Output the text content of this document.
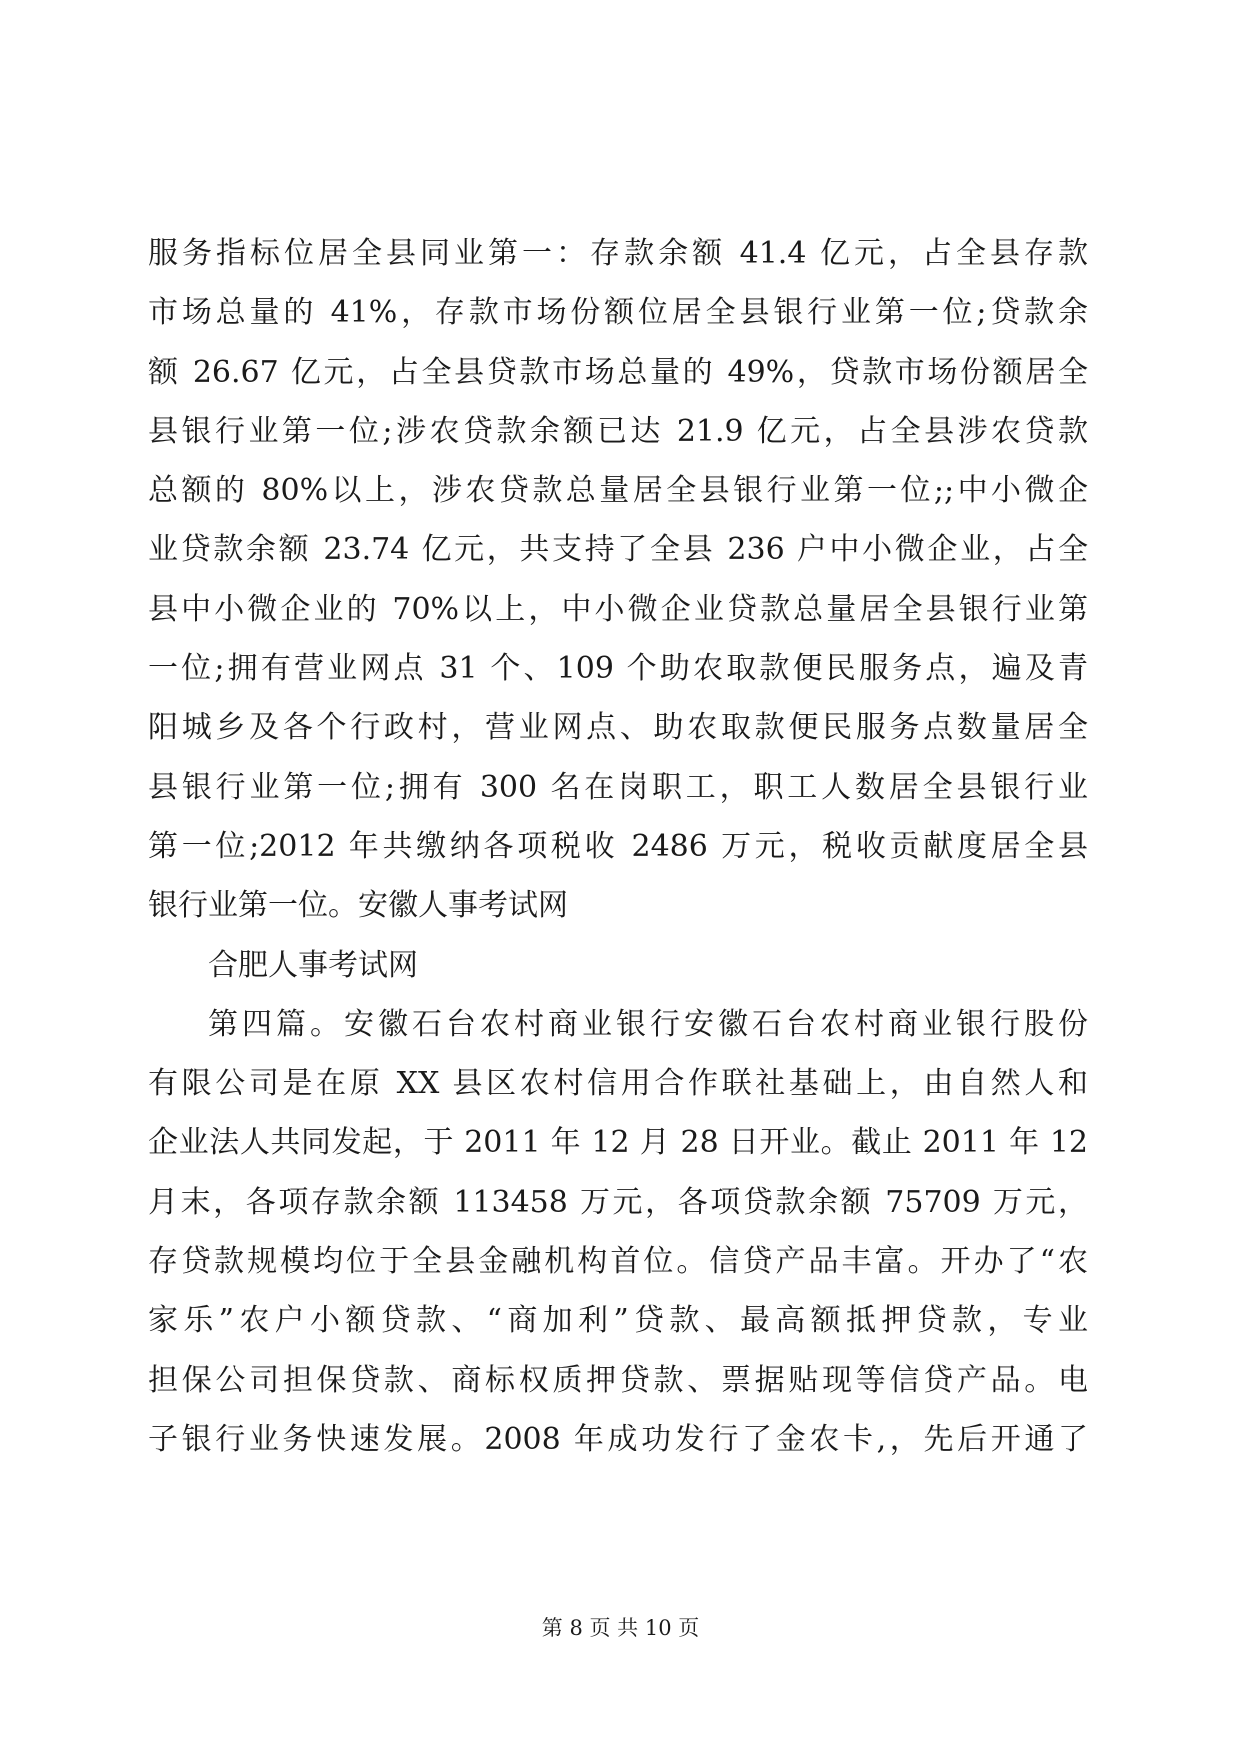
服务指标位居全县同业第一：存款余额 41.4 亿元，占全县存款
市场总量的 41%，存款市场份额位居全县银行业第一位;贷款余
额 26.67 亿元，占全县贷款市场总量的 49%，贷款市场份额居全
县银行业第一位;涉农贷款余额已达 21.9 亿元，占全县涉农贷款
总额的 80%以上，涉农贷款总量居全县银行业第一位;;中小微企
业贷款余额 23.74 亿元，共支持了全县 236 户中小微企业，占全
县中小微企业的 70%以上，中小微企业贷款总量居全县银行业第
一位;拥有营业网点 31 个、109 个助农取款便民服务点，遍及青
阳城乡及各个行政村，营业网点、助农取款便民服务点数量居全
县银行业第一位;拥有 300 名在岗职工，职工人数居全县银行业
第一位;2012 年共缴纳各项税收 2486 万元，税收贡献度居全县
银行业第一位。安徽人事考试网
合肥人事考试网
第四篇。安徽石台农村商业银行安徽石台农村商业银行股份
有限公司是在原 XX 县区农村信用合作联社基础上，由自然人和
企业法人共同发起，于 2011 年 12 月 28 日开业。截止 2011 年 12
月末，各项存款余额 113458 万元，各项贷款余额 75709 万元，
存贷款规模均位于全县金融机构首位。信贷产品丰富。开办了“农
家乐”农户小额贷款、“商加利”贷款、最高额抵押贷款，专业
担保公司担保贷款、商标权质押贷款、票据贴现等信贷产品。电
子银行业务快速发展。2008 年成功发行了金农卡,，先后开通了
第 8 页 共 10 页
